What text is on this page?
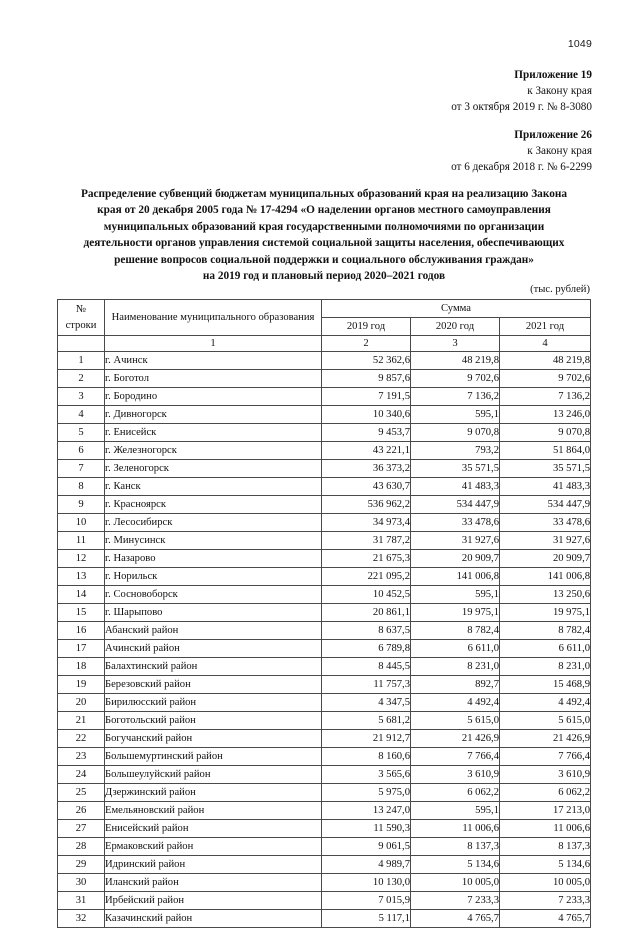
1049
Приложение 19
к Закону края
от 3 октября 2019 г. № 8-3080
Приложение 26
к Закону края
от 6 декабря 2018 г. № 6-2299
Распределение субвенций бюджетам муниципальных образований края на реализацию Закона
края от 20 декабря 2005 года № 17-4294 «О наделении органов местного самоуправления
муниципальных образований края государственными полномочиями по организации
деятельности органов управления системой социальной защиты населения, обеспечивающих
решение вопросов социальной поддержки и социального обслуживания граждан»
на 2019 год и плановый период 2020–2021 годов
(тыс. рублей)
№
строки	Наименование муниципального образования	Сумма		
		2019 год	2020 год	2021 год
	1	2	3	4
1	г. Ачинск	52 362,6	48 219,8	48 219,8
2	г. Боготол	9 857,6	9 702,6	9 702,6
3	г. Бородино	7 191,5	7 136,2	7 136,2
4	г. Дивногорск	10 340,6	595,1	13 246,0
5	г. Енисейск	9 453,7	9 070,8	9 070,8
6	г. Железногорск	43 221,1	793,2	51 864,0
7	г. Зеленогорск	36 373,2	35 571,5	35 571,5
8	г. Канск	43 630,7	41 483,3	41 483,3
9	г. Красноярск	536 962,2	534 447,9	534 447,9
10	г. Лесосибирск	34 973,4	33 478,6	33 478,6
11	г. Минусинск	31 787,2	31 927,6	31 927,6
12	г. Назарово	21 675,3	20 909,7	20 909,7
13	г. Норильск	221 095,2	141 006,8	141 006,8
14	г. Сосновоборск	10 452,5	595,1	13 250,6
15	г. Шарыпово	20 861,1	19 975,1	19 975,1
16	Абанский район	8 637,5	8 782,4	8 782,4
17	Ачинский район	6 789,8	6 611,0	6 611,0
18	Балахтинский район	8 445,5	8 231,0	8 231,0
19	Березовский район	11 757,3	892,7	15 468,9
20	Бирилюсский район	4 347,5	4 492,4	4 492,4
21	Боготольский район	5 681,2	5 615,0	5 615,0
22	Богучанский район	21 912,7	21 426,9	21 426,9
23	Большемуртинский район	8 160,6	7 766,4	7 766,4
24	Большеулуйский район	3 565,6	3 610,9	3 610,9
25	Дзержинский район	5 975,0	6 062,2	6 062,2
26	Емельяновский район	13 247,0	595,1	17 213,0
27	Енисейский район	11 590,3	11 006,6	11 006,6
28	Ермаковский район	9 061,5	8 137,3	8 137,3
29	Идринский район	4 989,7	5 134,6	5 134,6
30	Иланский район	10 130,0	10 005,0	10 005,0
31	Ирбейский район	7 015,9	7 233,3	7 233,3
32	Казачинский район	5 117,1	4 765,7	4 765,7
